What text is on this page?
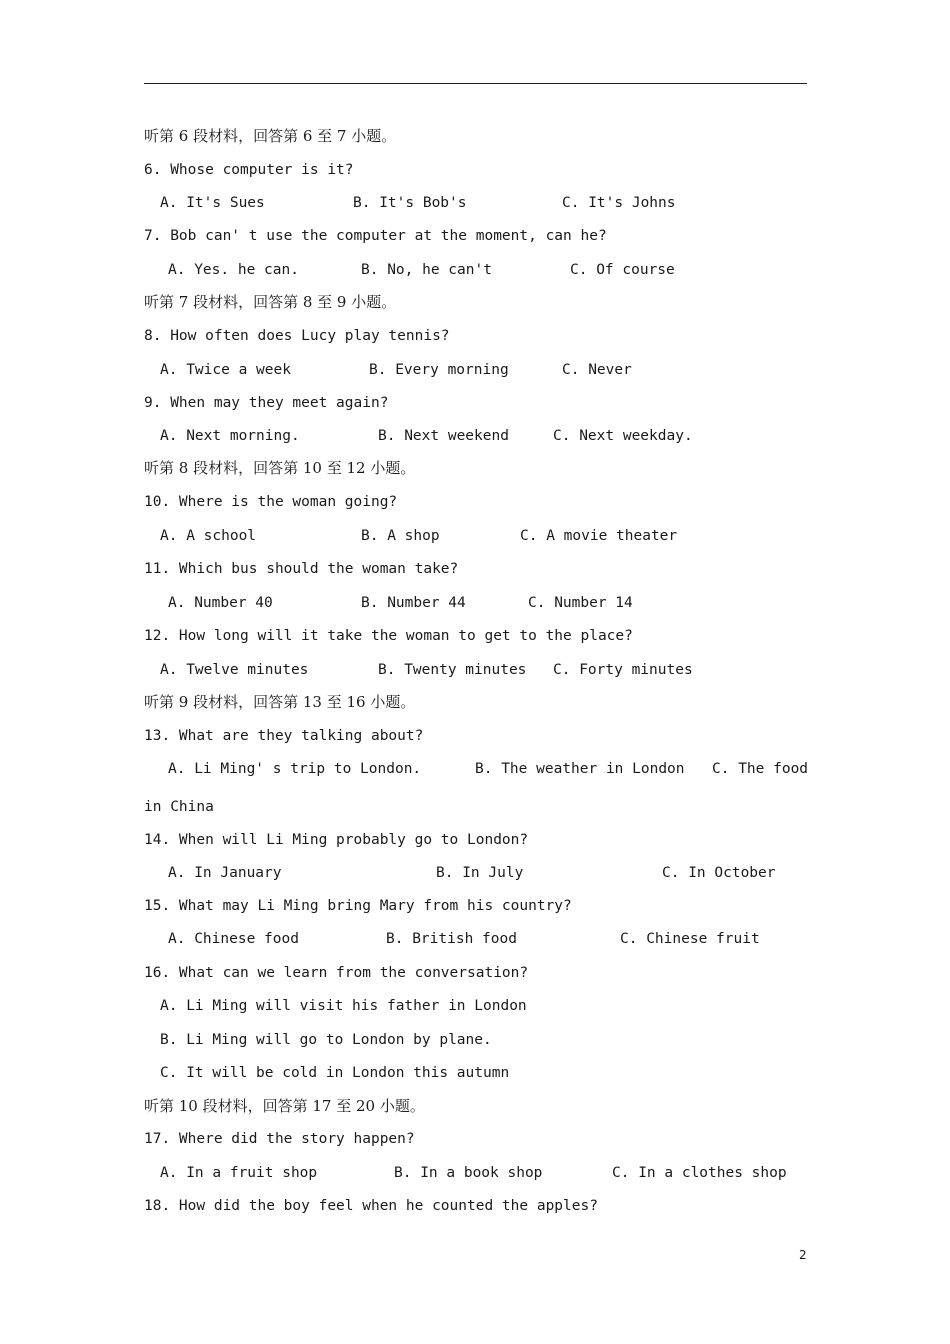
听第 6 段材料，回答第 6 至 7 小题。
6. Whose computer is it?
A. It's Sues	B. It's Bob's	C. It's Johns
7. Bob can' t use the computer at the moment, can he?
A. Yes. he can.	B. No, he can't	C. Of course
听第 7 段材料，回答第 8 至 9 小题。
8. How often does Lucy play tennis?
A. Twice a week	B. Every morning	C. Never
9. When may they meet again?
A. Next morning.	B. Next weekend	C. Next weekday.
听第 8 段材料，回答第 10 至 12 小题。
10. Where is the woman going?
A. A school	B. A shop	C. A movie theater
11. Which bus should the woman take?
A. Number 40	B. Number 44	C. Number 14
12. How long will it take the woman to get to the place?
A. Twelve minutes	B. Twenty minutes C. Forty minutes
听第 9 段材料，回答第 13 至 16 小题。
13. What are they talking about?
A. Li Ming' s trip to London.	B. The weather in London C. The food
in China
14. When will Li Ming probably go to London?
A. In January	B. In July	C. In October
15. What may Li Ming bring Mary from his country?
A. Chinese food	B. British food	C. Chinese fruit
16. What can we learn from the conversation?
A. Li Ming will visit his father in London
B. Li Ming will go to London by plane.
C. It will be cold in London this autumn
听第 10 段材料，回答第 17 至 20 小题。
17. Where did the story happen?
A. In a fruit shop	B. In a book shop	C. In a clothes shop
18. How did the boy feel when he counted the apples?
2
